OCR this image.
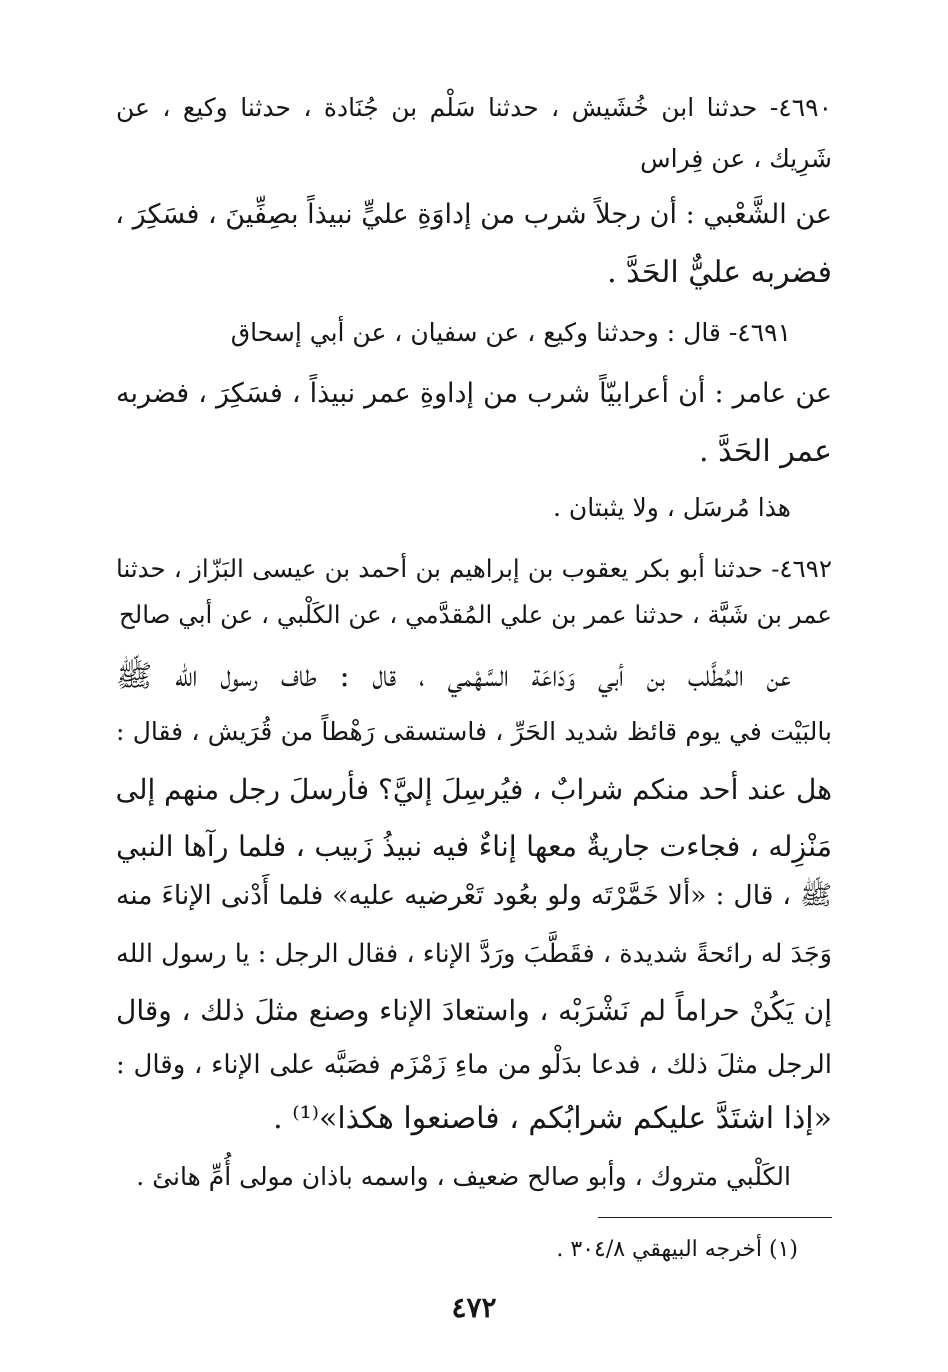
٤٦٩٠- حدثنا ابن خُشَيش ، حدثنا سَلْم بن جُنَادة ، حدثنا وكيع ، عن
شَرِيك ، عن فِراس
عن الشَّعْبي : أن رجلاً شرب من إداوَةِ عليٍّ نبيذاً بصِفِّينَ ، فسَكِرَ ،
فضربه عليٌّ الحَدَّ .
٤٦٩١- قال : وحدثنا وكيع ، عن سفيان ، عن أبي إسحاق
عن عامر : أن أعرابيّاً شرب من إداوةِ عمر نبيذاً ، فسَكِرَ ، فضربه
عمر الحَدَّ .
هذا مُرسَل ، ولا يثبتان .
٤٦٩٢- حدثنا أبو بكر يعقوب بن إبراهيم بن أحمد بن عيسى البَزّاز ، حدثنا
عمر بن شَبَّة ، حدثنا عمر بن علي المُقدَّمي ، عن الكَلْبي ، عن أبي صالح
عن المُطَّلب بن أبي وَدَاعَة السَّهْمي ، قال : طاف رسول الله ﷺ
بالبَيْت في يوم قائظ شديد الحَرِّ ، فاستسقى رَهْطاً من قُرَيش ، فقال :
هل عند أحد منكم شرابٌ ، فيُرسِلَ إليَّ؟ فأرسلَ رجل منهم إلى
مَنْزِله ، فجاءت جاريةٌ معها إناءٌ فيه نبيذُ زَبيب ، فلما رآها النبي
ﷺ ، قال : «ألا خَمَّرْتَه ولو بعُود تَعْرضيه عليه» فلما أَدْنى الإناءَ منه
وَجَدَ له رائحةً شديدة ، فقَطَّبَ ورَدَّ الإناء ، فقال الرجل : يا رسول الله
إن يَكُنْ حراماً لم نَشْرَبْه ، واستعادَ الإناء وصنع مثلَ ذلك ، وقال
الرجل مثلَ ذلك ، فدعا بدَلْو من ماءِ زَمْزَم فصَبَّه على الإناء ، وقال :
«إذا اشتَدَّ عليكم شرابُكم ، فاصنعوا هكذا»⁽¹⁾ .
الكَلْبي متروك ، وأبو صالح ضعيف ، واسمه باذان مولى أُمِّ هانئ .
(١) أخرجه البيهقي ٣٠٤/٨ .
٤٧٢
